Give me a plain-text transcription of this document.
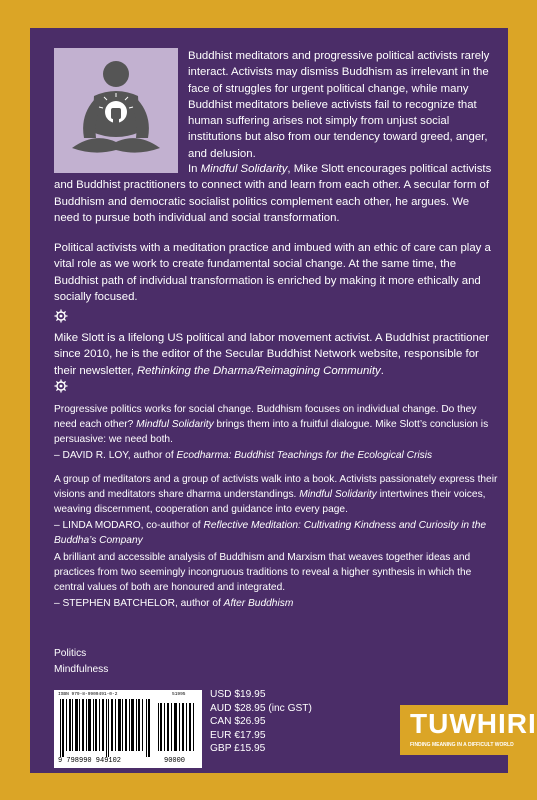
Buddhist meditators and progressive political activists rarely interact. Activists may dismiss Buddhism as irrelevant in the face of struggles for urgent political change, while many Buddhist meditators believe activists fail to recognize that human suffering arises not simply from unjust social institutions but also from our tendency toward greed, anger, and delusion.

In Mindful Solidarity, Mike Slott encourages political activists and Buddhist practitioners to connect with and learn from each other. A secular form of Buddhism and democratic socialist politics complement each other, he argues. We need to pursue both individual and social transformation.

Political activists with a meditation practice and imbued with an ethic of care can play a vital role as we work to create fundamental social change. At the same time, the Buddhist path of individual transformation is enriched by making it more ethically and socially focused.

Mike Slott is a lifelong US political and labor movement activist. A Buddhist practitioner since 2010, he is the editor of the Secular Buddhist Network website, responsible for their newsletter, Rethinking the Dharma/Reimagining Community.

Progressive politics works for social change. Buddhism focuses on individual change. Do they need each other? Mindful Solidarity brings them into a fruitful dialogue. Mike Slott’s conclusion is persuasive: we need both.

– DAVID R. LOY, author of Ecodharma: Buddhist Teachings for the Ecological Crisis

A group of meditators and a group of activists walk into a book. Activists passionately express their visions and meditators share dharma understandings. Mindful Solidarity intertwines their voices, weaving discernment, cooperation and guidance into every page.

– LINDA MODARO, co-author of Reflective Meditation: Cultivating Kindness and Curiosity in the Buddha’s Company

A brilliant and accessible analysis of Buddhism and Marxism that weaves together ideas and practices from two seemingly incongruous traditions to reveal a higher synthesis in which the central values of both are honoured and integrated.

– STEPHEN BATCHELOR, author of After Buddhism

Politics
Mindfulness
ISBN 979-8-9909491-0-2	51995
9 798990 949102	90000
USD $19.95
AUD $28.95 (inc GST)
CAN $26.95
EUR €17.95
GBP £15.95
TUWHIRI
FINDING MEANING IN A DIFFICULT WORLD
